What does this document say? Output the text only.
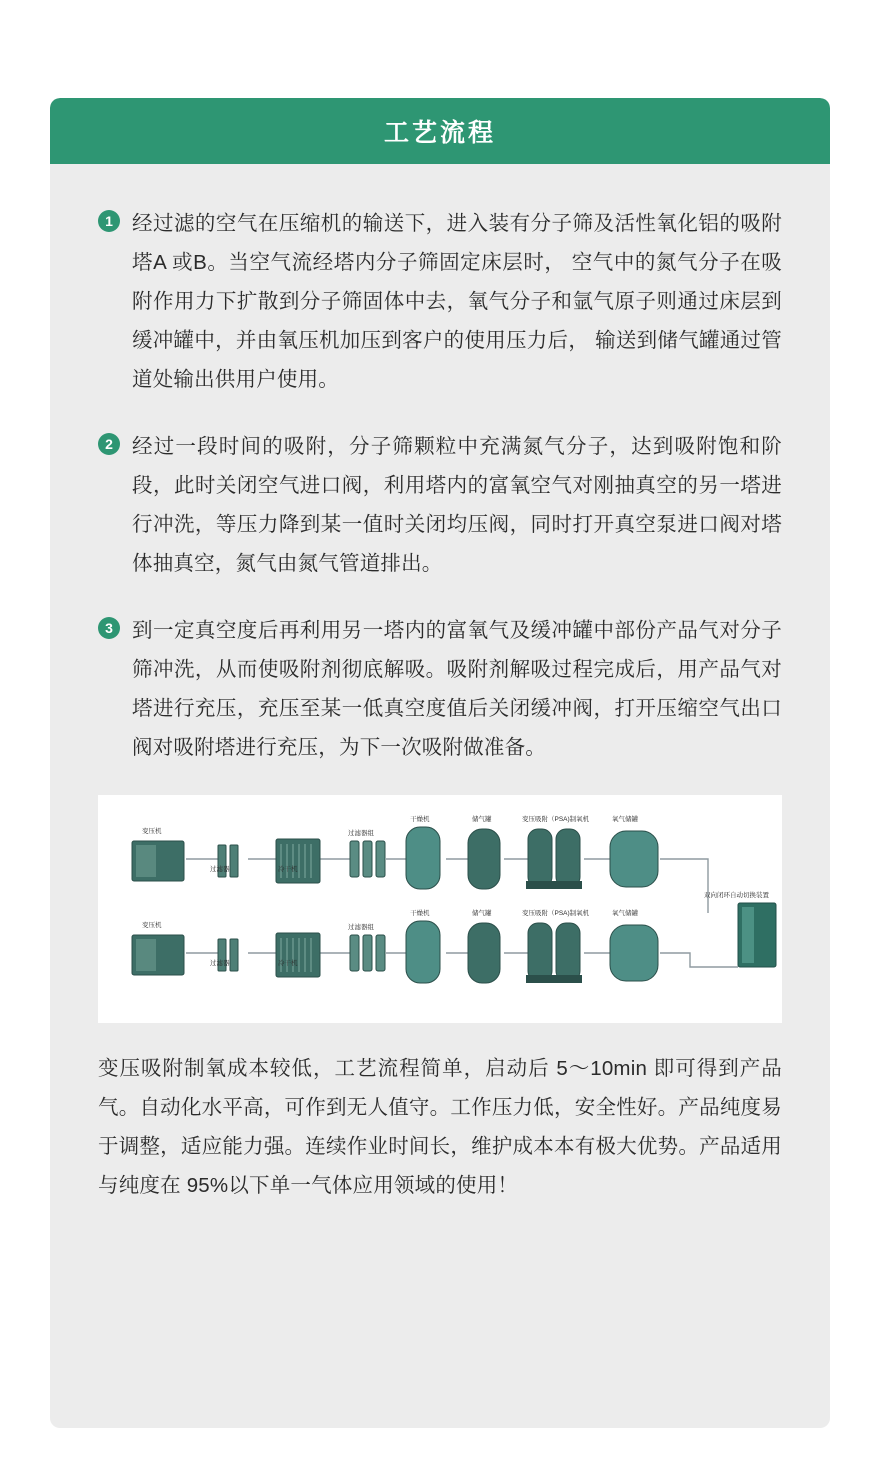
工艺流程
1 经过滤的空气在压缩机的输送下，进入装有分子筛及活性氧化铝的吸附塔A 或B。当空气流经塔内分子筛固定床层时， 空气中的氮气分子在吸附作用力下扩散到分子筛固体中去，氧气分子和氩气原子则通过床层到缓冲罐中，并由氧压机加压到客户的使用压力后， 输送到储气罐通过管道处输出供用户使用。
2 经过一段时间的吸附，分子筛颗粒中充满氮气分子，达到吸附饱和阶段，此时关闭空气进口阀，利用塔内的富氧空气对刚抽真空的另一塔进行冲洗，等压力降到某一值时关闭均压阀，同时打开真空泵进口阀对塔体抽真空，氮气由氮气管道排出。
3 到一定真空度后再利用另一塔内的富氧气及缓冲罐中部份产品气对分子筛冲洗，从而使吸附剂彻底解吸。吸附剂解吸过程完成后，用产品气对塔进行充压，充压至某一低真空度值后关闭缓冲阀，打开压缩空气出口阀对吸附塔进行充压，为下一次吸附做准备。
变压机
过滤器	冷干机
过滤器组
干燥机	储气罐	变压吸附（PSA)制氧机	氧气储罐
变压机
过滤器	冷干机
过滤器组
干燥机	储气罐	变压吸附（PSA)制氧机	氧气储罐
双向闭环自动切换装置
变压吸附制氧成本较低，工艺流程简单，启动后 5～10min 即可得到产品气。自动化水平高，可作到无人值守。工作压力低，安全性好。产品纯度易于调整，适应能力强。连续作业时间长，维护成本本有极大优势。产品适用与纯度在 95%以下单一气体应用领域的使用！
